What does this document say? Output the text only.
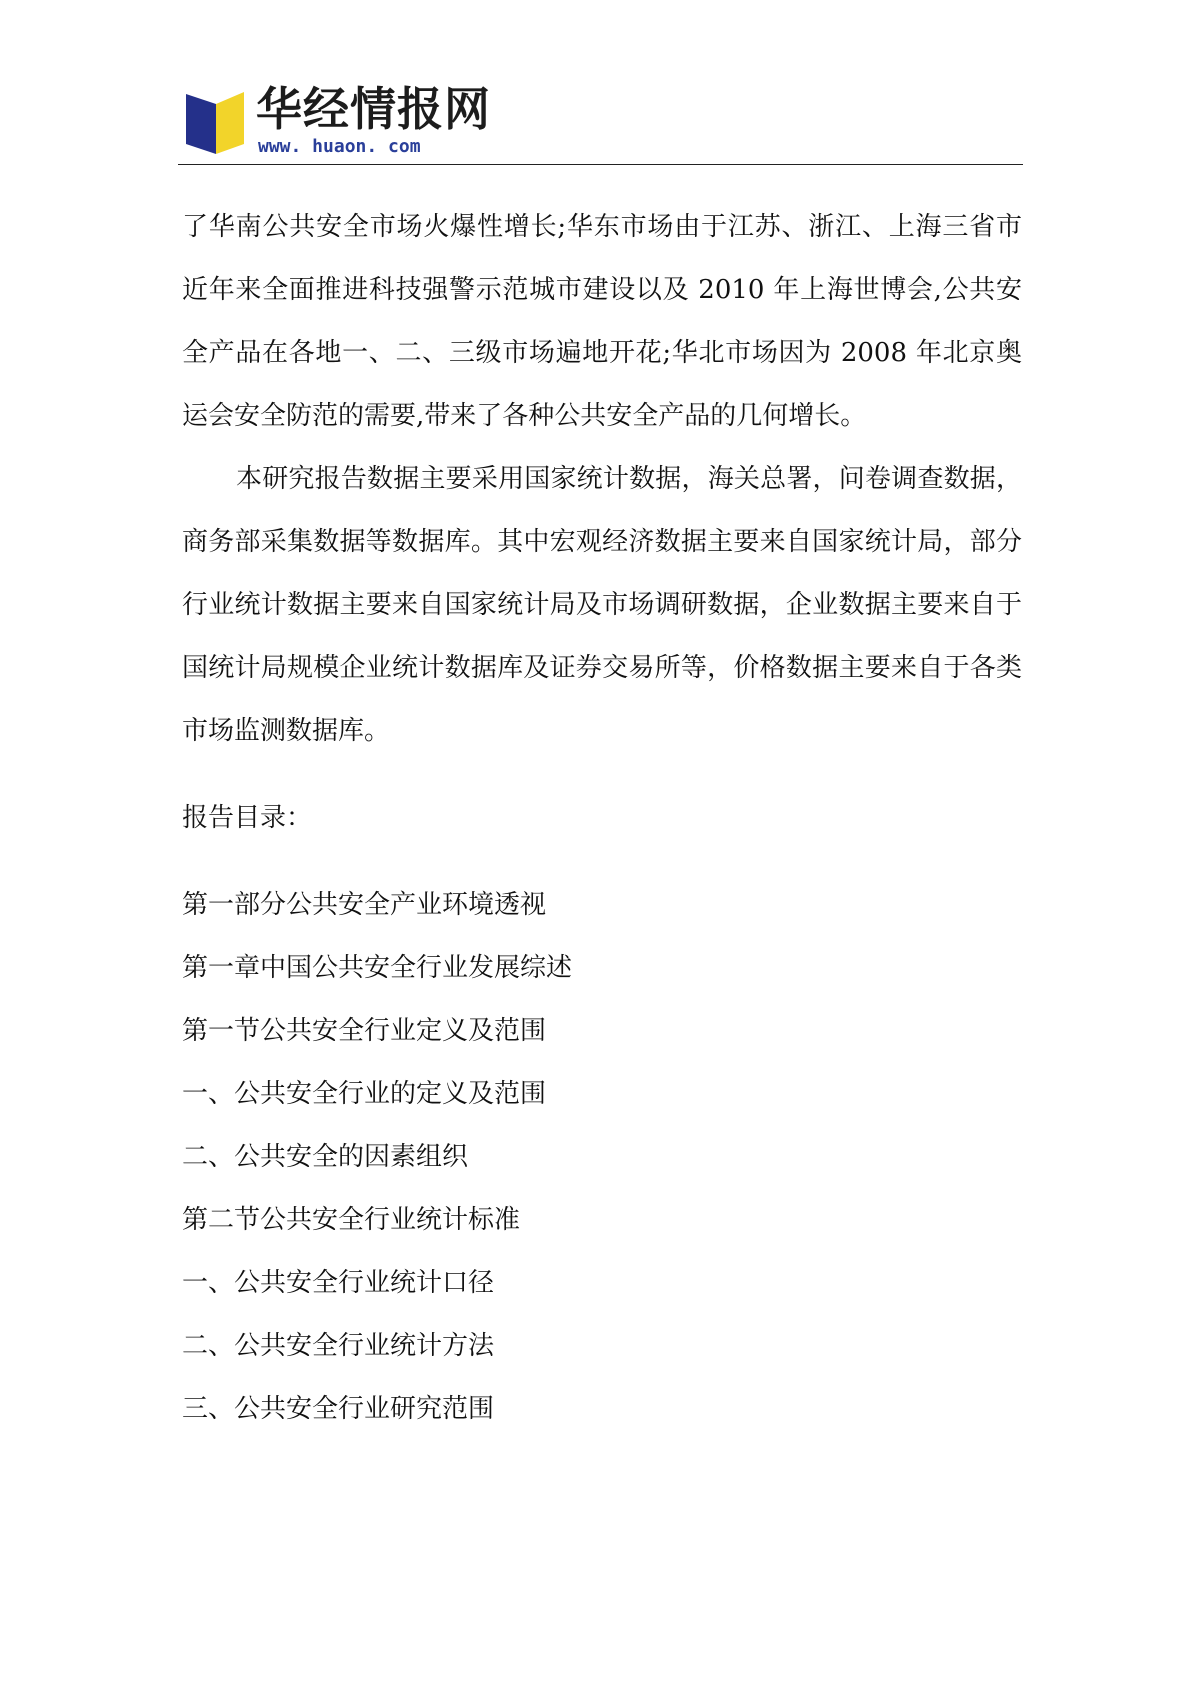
华经情报网
www. huaon. com

了华南公共安全市场火爆性增长;华东市场由于江苏、浙江、上海三省市近年来全面推进科技强警示范城市建设以及 2010 年上海世博会,公共安全产品在各地一、二、三级市场遍地开花;华北市场因为 2008 年北京奥运会安全防范的需要,带来了各种公共安全产品的几何增长。

本研究报告数据主要采用国家统计数据，海关总署，问卷调查数据，商务部采集数据等数据库。其中宏观经济数据主要来自国家统计局，部分行业统计数据主要来自国家统计局及市场调研数据，企业数据主要来自于国统计局规模企业统计数据库及证券交易所等，价格数据主要来自于各类市场监测数据库。

报告目录：
第一部分公共安全产业环境透视
第一章中国公共安全行业发展综述
第一节公共安全行业定义及范围
一、公共安全行业的定义及范围
二、公共安全的因素组织
第二节公共安全行业统计标准
一、公共安全行业统计口径
二、公共安全行业统计方法
三、公共安全行业研究范围
